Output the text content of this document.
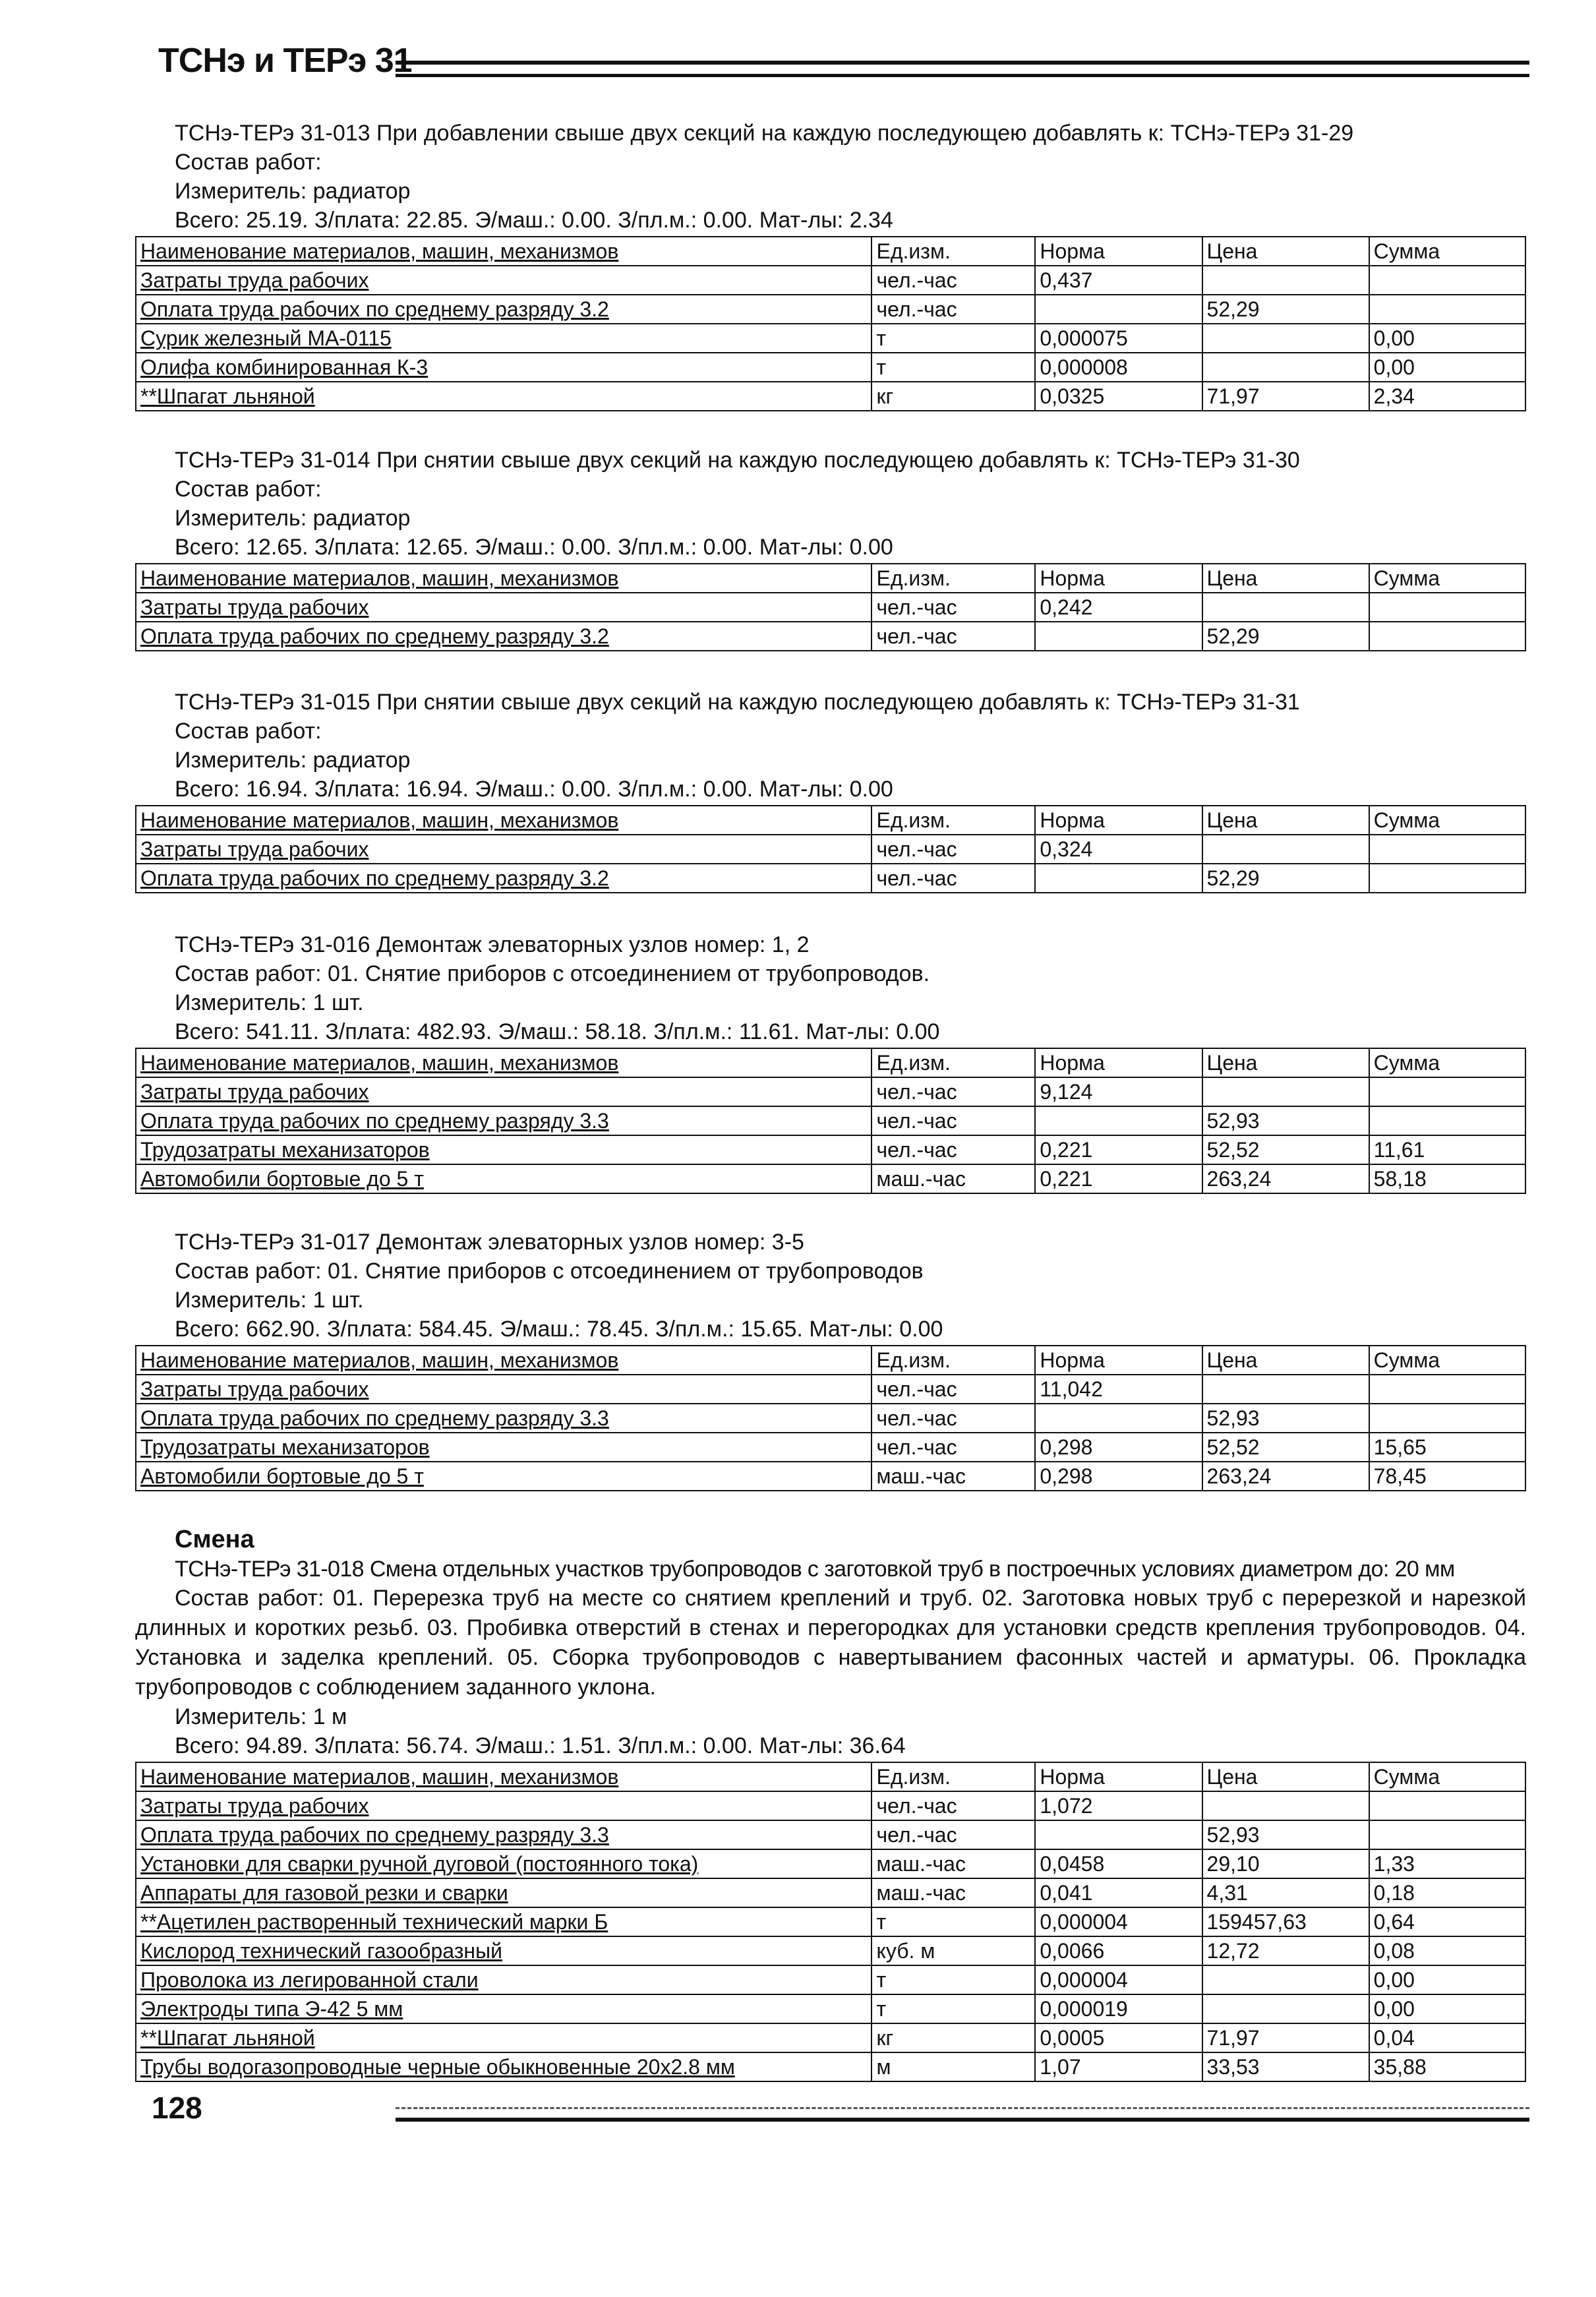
ТСНэ и ТЕРэ 31
ТСНэ-ТЕРэ 31-013 При добавлении свыше двух секций на каждую последующею добавлять к: ТСНэ-ТЕРэ 31-29
Состав работ:
Измеритель: радиатор
Всего: 25.19. З/плата: 22.85. Э/маш.: 0.00. З/пл.м.: 0.00. Мат-лы: 2.34
Наименование материалов, машин, механизмов	Ед.изм.	Норма	Цена	Сумма
Затраты труда рабочих	чел.-час	0,437		
Оплата труда рабочих по среднему разряду 3.2	чел.-час		52,29	
Сурик железный МА-0115	т	0,000075		0,00
Олифа комбинированная К-3	т	0,000008		0,00
**Шпагат льняной	кг	0,0325	71,97	2,34
ТСНэ-ТЕРэ 31-014 При снятии свыше двух секций на каждую последующею добавлять к: ТСНэ-ТЕРэ 31-30
Состав работ:
Измеритель: радиатор
Всего: 12.65. З/плата: 12.65. Э/маш.: 0.00. З/пл.м.: 0.00. Мат-лы: 0.00
Наименование материалов, машин, механизмов	Ед.изм.	Норма	Цена	Сумма
Затраты труда рабочих	чел.-час	0,242		
Оплата труда рабочих по среднему разряду 3.2	чел.-час		52,29	
ТСНэ-ТЕРэ 31-015 При снятии свыше двух секций на каждую последующею добавлять к: ТСНэ-ТЕРэ 31-31
Состав работ:
Измеритель: радиатор
Всего: 16.94. З/плата: 16.94. Э/маш.: 0.00. З/пл.м.: 0.00. Мат-лы: 0.00
Наименование материалов, машин, механизмов	Ед.изм.	Норма	Цена	Сумма
Затраты труда рабочих	чел.-час	0,324		
Оплата труда рабочих по среднему разряду 3.2	чел.-час		52,29	
ТСНэ-ТЕРэ 31-016 Демонтаж элеваторных узлов номер: 1, 2
Состав работ: 01. Снятие приборов с отсоединением от трубопроводов.
Измеритель: 1 шт.
Всего: 541.11. З/плата: 482.93. Э/маш.: 58.18. З/пл.м.: 11.61. Мат-лы: 0.00
Наименование материалов, машин, механизмов	Ед.изм.	Норма	Цена	Сумма
Затраты труда рабочих	чел.-час	9,124		
Оплата труда рабочих по среднему разряду 3.3	чел.-час		52,93	
Трудозатраты механизаторов	чел.-час	0,221	52,52	11,61
Автомобили бортовые до 5 т	маш.-час	0,221	263,24	58,18
ТСНэ-ТЕРэ 31-017 Демонтаж элеваторных узлов номер: 3-5
Состав работ: 01. Снятие приборов с отсоединением от трубопроводов
Измеритель: 1 шт.
Всего: 662.90. З/плата: 584.45. Э/маш.: 78.45. З/пл.м.: 15.65. Мат-лы: 0.00
Наименование материалов, машин, механизмов	Ед.изм.	Норма	Цена	Сумма
Затраты труда рабочих	чел.-час	11,042		
Оплата труда рабочих по среднему разряду 3.3	чел.-час		52,93	
Трудозатраты механизаторов	чел.-час	0,298	52,52	15,65
Автомобили бортовые до 5 т	маш.-час	0,298	263,24	78,45
Смена
ТСНэ-ТЕРэ 31-018 Смена отдельных участков трубопроводов с заготовкой труб в построечных условиях диаметром до: 20 мм
Состав работ: 01. Перерезка труб на месте со снятием креплений и труб. 02. Заготовка новых труб с перерезкой и нарезкой длинных и коротких резьб. 03. Пробивка отверстий в стенах и перегородках для установки средств крепления трубопроводов. 04. Установка и заделка креплений. 05. Сборка трубопроводов с навертыванием фасонных частей и арматуры. 06. Прокладка трубопроводов с соблюдением заданного уклона.
Измеритель: 1 м
Всего: 94.89. З/плата: 56.74. Э/маш.: 1.51. З/пл.м.: 0.00. Мат-лы: 36.64
Наименование материалов, машин, механизмов	Ед.изм.	Норма	Цена	Сумма
Затраты труда рабочих	чел.-час	1,072		
Оплата труда рабочих по среднему разряду 3.3	чел.-час		52,93	
Установки для сварки ручной дуговой (постоянного тока)	маш.-час	0,0458	29,10	1,33
Аппараты для газовой резки и сварки	маш.-час	0,041	4,31	0,18
**Ацетилен растворенный технический марки Б	т	0,000004	159457,63	0,64
Кислород технический газообразный	куб. м	0,0066	12,72	0,08
Проволока из легированной стали	т	0,000004		0,00
Электроды типа Э-42 5 мм	т	0,000019		0,00
**Шпагат льняной	кг	0,0005	71,97	0,04
Трубы водогазопроводные черные обыкновенные 20х2.8 мм	м	1,07	33,53	35,88
128
